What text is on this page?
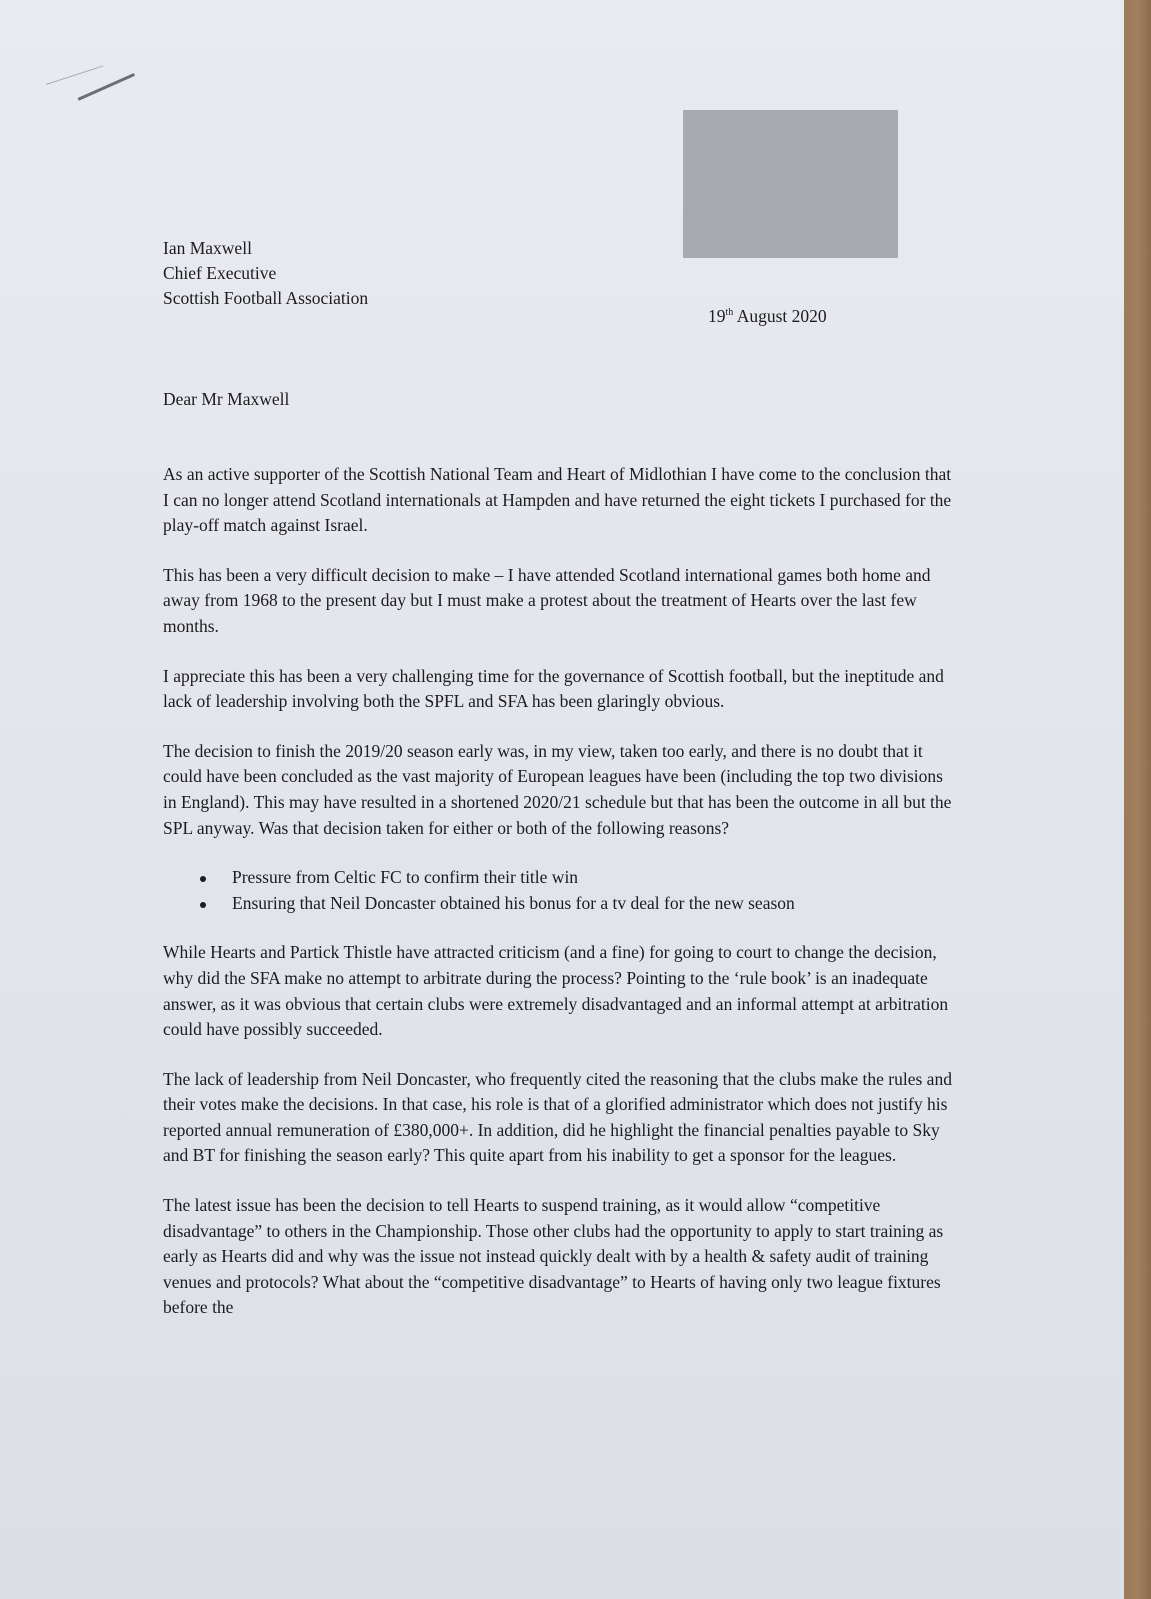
Ian Maxwell
Chief Executive
Scottish Football Association
19th August 2020
Dear Mr Maxwell

As an active supporter of the Scottish National Team and Heart of Midlothian I have come to the conclusion that I can no longer attend Scotland internationals at Hampden and have returned the eight tickets I purchased for the play-off match against Israel.

This has been a very difficult decision to make – I have attended Scotland international games both home and away from 1968 to the present day but I must make a protest about the treatment of Hearts over the last few months.

I appreciate this has been a very challenging time for the governance of Scottish football, but the ineptitude and lack of leadership involving both the SPFL and SFA has been glaringly obvious.

The decision to finish the 2019/20 season early was, in my view, taken too early, and there is no doubt that it could have been concluded as the vast majority of European leagues have been (including the top two divisions in England). This may have resulted in a shortened 2020/21 schedule but that has been the outcome in all but the SPL anyway. Was that decision taken for either or both of the following reasons?

Pressure from Celtic FC to confirm their title win
Ensuring that Neil Doncaster obtained his bonus for a tv deal for the new season

While Hearts and Partick Thistle have attracted criticism (and a fine) for going to court to change the decision, why did the SFA make no attempt to arbitrate during the process? Pointing to the ‘rule book’ is an inadequate answer, as it was obvious that certain clubs were extremely disadvantaged and an informal attempt at arbitration could have possibly succeeded.

The lack of leadership from Neil Doncaster, who frequently cited the reasoning that the clubs make the rules and their votes make the decisions. In that case, his role is that of a glorified administrator which does not justify his reported annual remuneration of £380,000+. In addition, did he highlight the financial penalties payable to Sky and BT for finishing the season early? This quite apart from his inability to get a sponsor for the leagues.

The latest issue has been the decision to tell Hearts to suspend training, as it would allow “competitive disadvantage” to others in the Championship. Those other clubs had the opportunity to apply to start training as early as Hearts did and why was the issue not instead quickly dealt with by a health & safety audit of training venues and protocols? What about the “competitive disadvantage” to Hearts of having only two league fixtures before the
